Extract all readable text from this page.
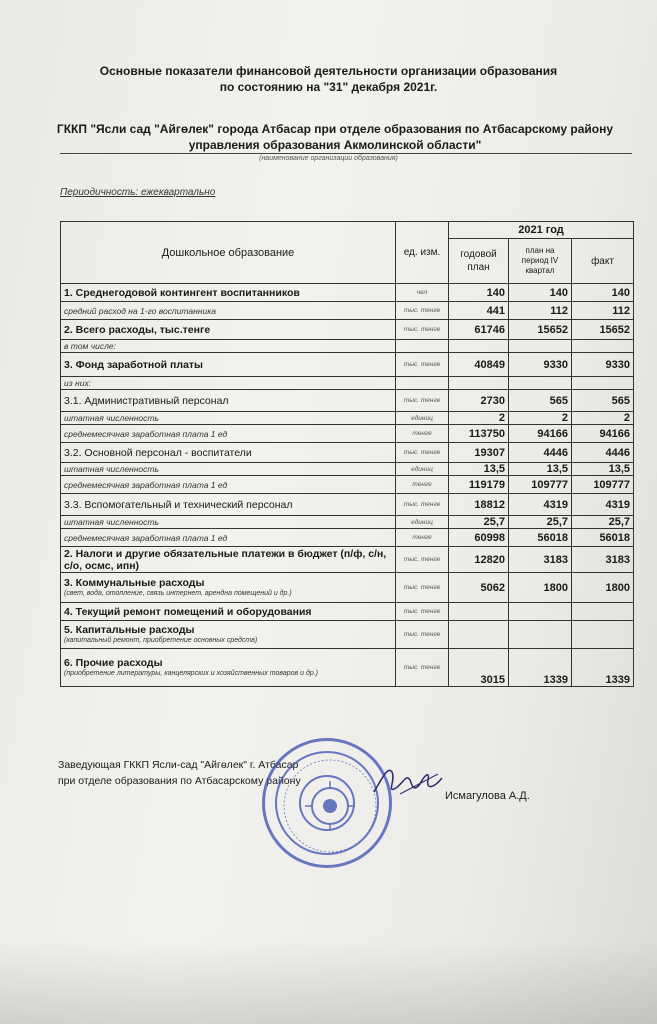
Основные показатели финансовой деятельности организации образования
по состоянию на "31" декабря 2021г.
ГККП "Ясли сад "Айгөлек" города Атбасар при отделе образования по Атбасарскому району
управления образования Акмолинской области"
(наименование организации образования)
Периодичность: ежеквартально
Дошкольное образование	ед. изм.	2021 год		
		годовой план	план на период IV квартал	факт
1. Среднегодовой контингент воспитанников	чел	140	140	140
средний расход на 1-го воспитанника	тыс. тенге	441	112	112
2. Всего расходы, тыс.тенге	тыс. тенге	61746	15652	15652
в том числе:				
3. Фонд заработной платы	тыс. тенге	40849	9330	9330
из них:				
3.1. Административный персонал	тыс. тенге	2730	565	565
штатная численность	единиц	2	2	2
среднемесячная заработная плата 1 ед	тенге	113750	94166	94166
3.2. Основной персонал - воспитатели	тыс. тенге	19307	4446	4446
штатная численность	единиц	13,5	13,5	13,5
среднемесячная заработная плата 1 ед	тенге	119179	109777	109777
3.3. Вспомогательный и технический персонал	тыс. тенге	18812	4319	4319
штатная численность	единиц	25,7	25,7	25,7
среднемесячная заработная плата 1 ед	тенге	60998	56018	56018
2. Налоги и другие обязательные платежи в бюджет (п/ф, с/н, с/о, осмс, ипн)	тыс. тенге	12820	3183	3183
3. Коммунальные расходы
(свет, вода, отопление, связь интернет, арендна помещений и др.)	тыс. тенге	5062	1800	1800
4. Текущий ремонт помещений и оборудования	тыс. тенге			
5. Капитальные расходы
(капитальный ремонт, приобретение основных средств)	тыс. тенге			
6. Прочие расходы
(приобретение литературы, канцелярских и хозяйственных товаров и др.)	тыс. тенге	3015	1339	1339
Заведующая ГККП Ясли-сад "Айгөлек" г. Атбасар
при отделе образования по Атбасарскому району
Исмагулова А.Д.
